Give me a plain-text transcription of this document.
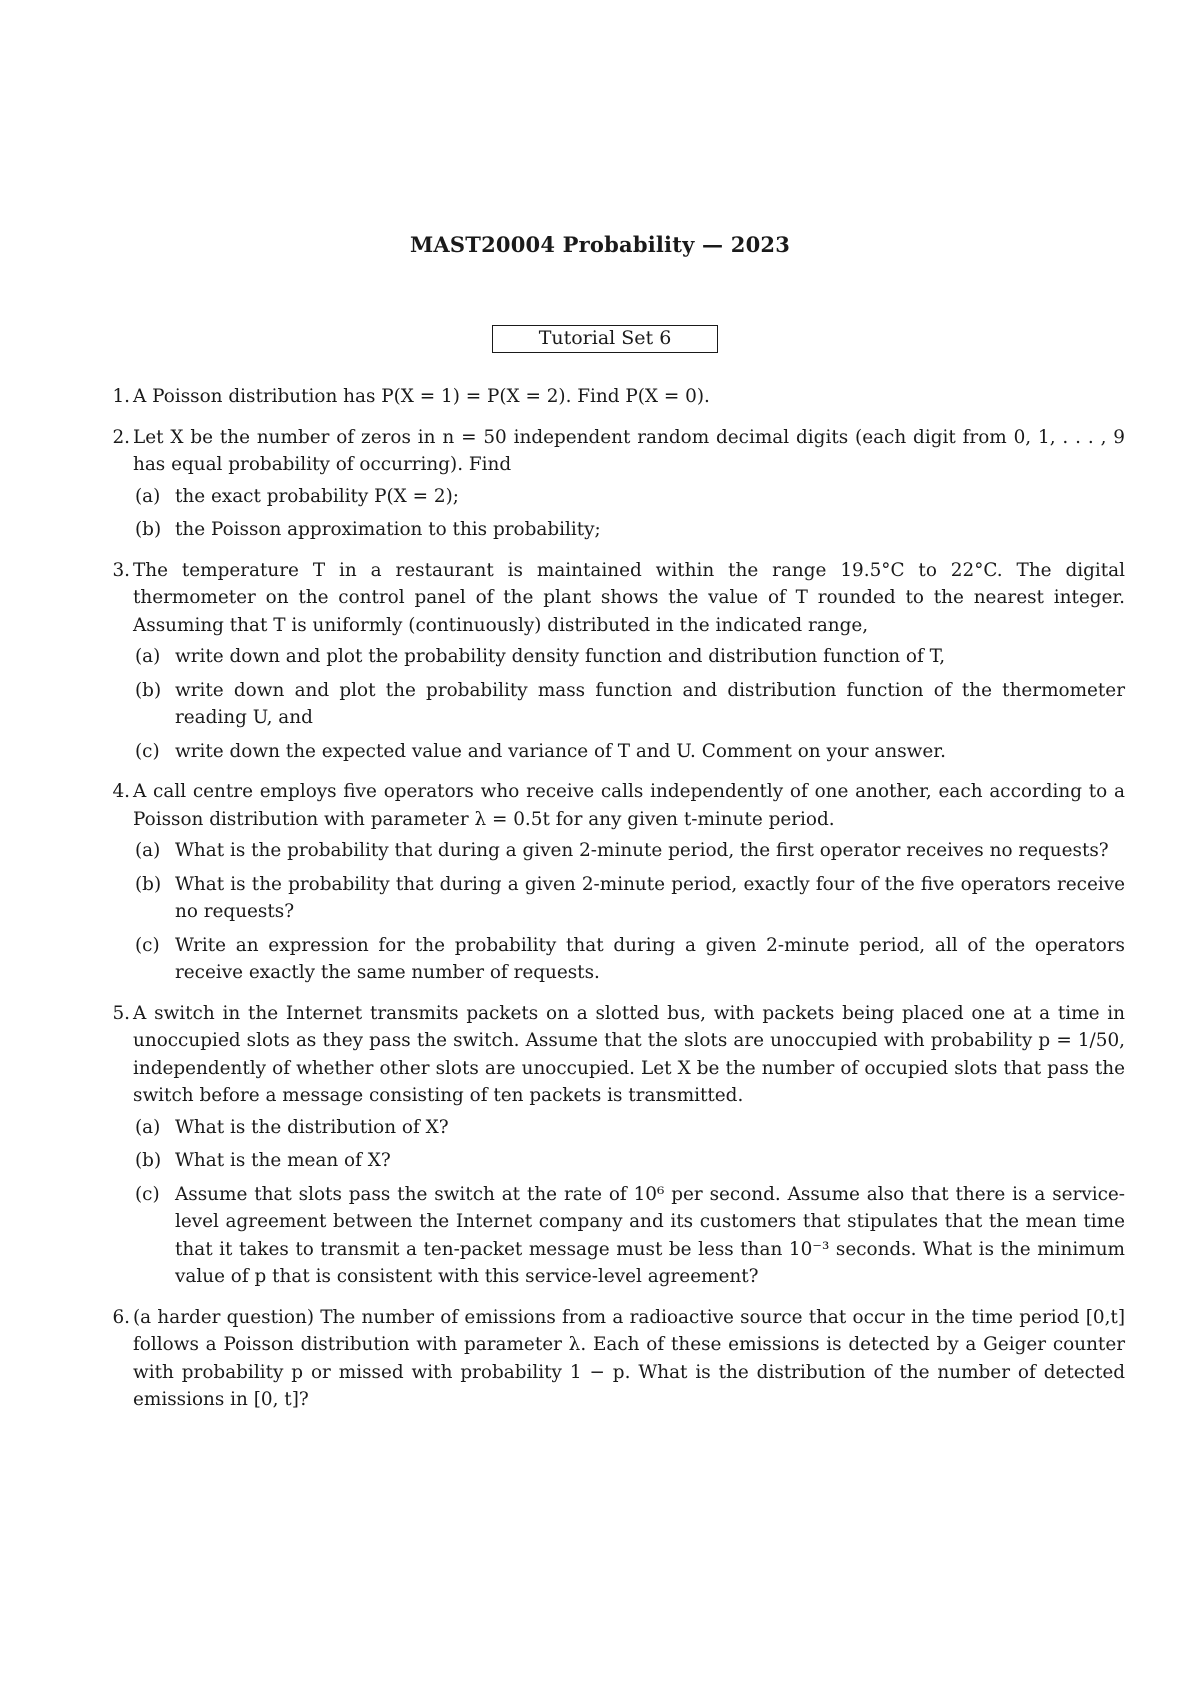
MAST20004 Probability — 2023
Tutorial Set 6
1. A Poisson distribution has P(X = 1) = P(X = 2). Find P(X = 0).
2. Let X be the number of zeros in n = 50 independent random decimal digits (each digit from 0, 1, . . . , 9 has equal probability of occurring). Find
(a) the exact probability P(X = 2);
(b) the Poisson approximation to this probability;
3. The temperature T in a restaurant is maintained within the range 19.5°C to 22°C. The digital thermometer on the control panel of the plant shows the value of T rounded to the nearest integer. Assuming that T is uniformly (continuously) distributed in the indicated range,
(a) write down and plot the probability density function and distribution function of T,
(b) write down and plot the probability mass function and distribution function of the thermometer reading U, and
(c) write down the expected value and variance of T and U. Comment on your answer.
4. A call centre employs five operators who receive calls independently of one another, each according to a Poisson distribution with parameter λ = 0.5t for any given t-minute period.
(a) What is the probability that during a given 2-minute period, the first operator receives no requests?
(b) What is the probability that during a given 2-minute period, exactly four of the five operators receive no requests?
(c) Write an expression for the probability that during a given 2-minute period, all of the operators receive exactly the same number of requests.
5. A switch in the Internet transmits packets on a slotted bus, with packets being placed one at a time in unoccupied slots as they pass the switch. Assume that the slots are unoccupied with probability p = 1/50, independently of whether other slots are unoccupied. Let X be the number of occupied slots that pass the switch before a message consisting of ten packets is transmitted.
(a) What is the distribution of X?
(b) What is the mean of X?
(c) Assume that slots pass the switch at the rate of 10⁶ per second. Assume also that there is a service-level agreement between the Internet company and its customers that stipulates that the mean time that it takes to transmit a ten-packet message must be less than 10⁻³ seconds. What is the minimum value of p that is consistent with this service-level agreement?
6. (a harder question) The number of emissions from a radioactive source that occur in the time period [0,t] follows a Poisson distribution with parameter λ. Each of these emissions is detected by a Geiger counter with probability p or missed with probability 1 − p. What is the distribution of the number of detected emissions in [0, t]?
